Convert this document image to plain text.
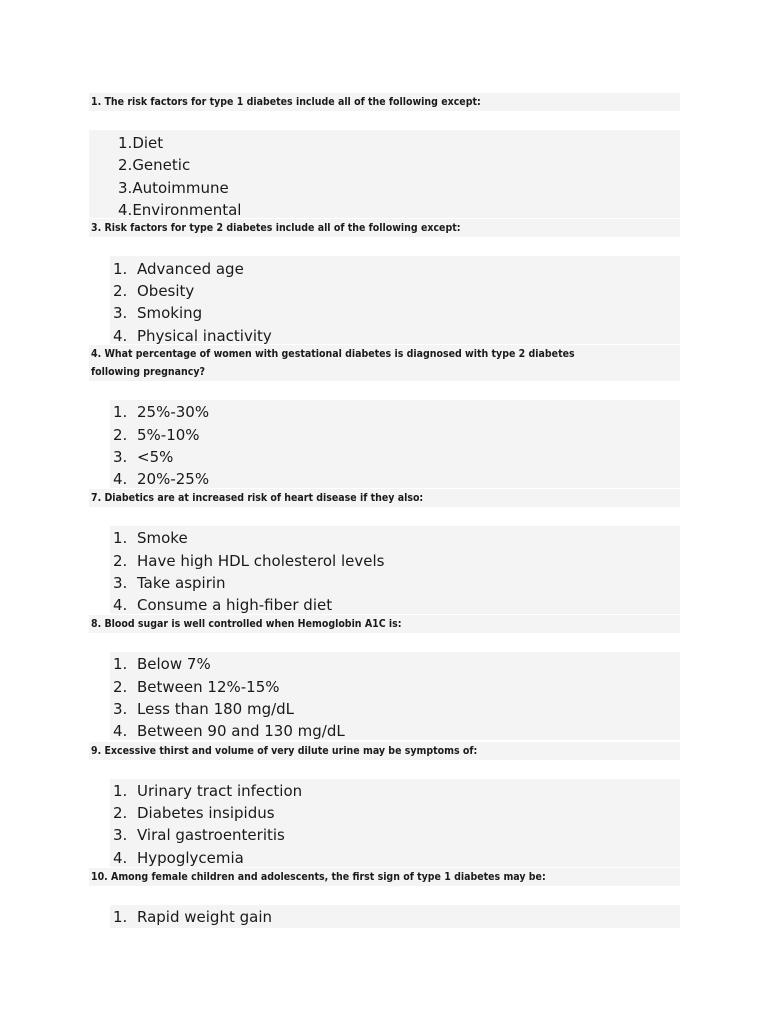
1. The risk factors for type 1 diabetes include all of the following except:
1.Diet
2.Genetic
3.Autoimmune
4.Environmental
3. Risk factors for type 2 diabetes include all of the following except:
1. Advanced age
2. Obesity
3. Smoking
4. Physical inactivity
4. What percentage of women with gestational diabetes is diagnosed with type 2 diabetes
following pregnancy?
1. 25%-30%
2. 5%-10%
3. <5%
4. 20%-25%
7. Diabetics are at increased risk of heart disease if they also:
1. Smoke
2. Have high HDL cholesterol levels
3. Take aspirin
4. Consume a high-fiber diet
8. Blood sugar is well controlled when Hemoglobin A1C is:
1. Below 7%
2. Between 12%-15%
3. Less than 180 mg/dL
4. Between 90 and 130 mg/dL
9. Excessive thirst and volume of very dilute urine may be symptoms of:
1. Urinary tract infection
2. Diabetes insipidus
3. Viral gastroenteritis
4. Hypoglycemia
10. Among female children and adolescents, the first sign of type 1 diabetes may be:
1. Rapid weight gain
